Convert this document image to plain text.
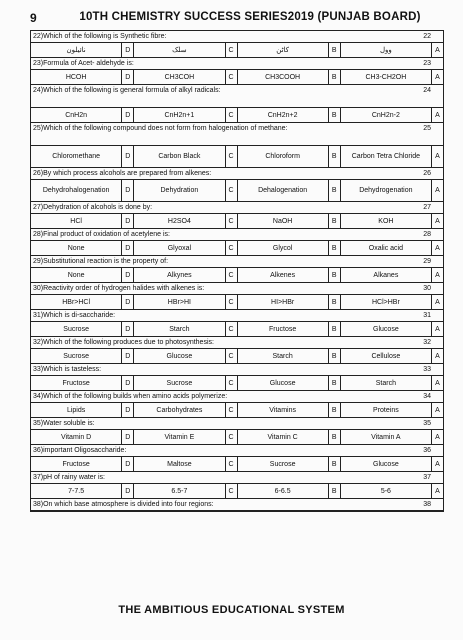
9	10TH CHEMISTRY SUCCESS SERIES2019 (PUNJAB BOARD)
22)Which of the following is Synthetic fibre:	22
نائیلون	D	سلک	C	کاٹن	B	وول	A
23)Formula of Acet- aldehyde is:	23
HCOH	D	CH3COH	C	CH3COOH	B	CH3-CH2OH	A
24)Which of the following is general formula of alkyl radicals:	24
CnH2n	D	CnH2n+1	C	CnH2n+2	B	CnH2n-2	A
25)Which of the following compound does not form from halogenation of methane:	25
Chloromethane	D	Carbon Black	C	Chloroform	B	Carbon Tetra Chloride	A
26)By which process alcohols are prepared from alkenes:	26
Dehydrohalogenation	D	Dehydration	C	Dehalogenation	B	Dehydrogenation	A
27)Dehydration of alcohols is done by:	27
HCl	D	H2SO4	C	NaOH	B	KOH	A
28)Final product of oxidation of acetylene is:	28
None	D	Glyoxal	C	Glycol	B	Oxalic acid	A
29)Substitutional reaction is the property of:	29
None	D	Alkynes	C	Alkenes	B	Alkanes	A
30)Reactivity order of hydrogen halides with alkenes is:	30
HBr>HCl	D	HBr>HI	C	HI>HBr	B	HCl>HBr	A
31)Which is di-saccharide:	31
Sucrose	D	Starch	C	Fructose	B	Glucose	A
32)Which of the following produces due to photosynthesis:	32
Sucrose	D	Glucose	C	Starch	B	Cellulose	A
33)Which is tasteless:	33
Fructose	D	Sucrose	C	Glucose	B	Starch	A
34)Which of the following builds when amino acids polymerize:	34
Lipids	D	Carbohydrates	C	Vitamins	B	Proteins	A
35)Water soluble is:	35
Vitamin D	D	Vitamin E	C	Vitamin C	B	Vitamin A	A
36)important Oligosaccharide:	36
Fructose	D	Maltose	C	Sucrose	B	Glucose	A
37)pH of rainy water is:	37
7-7.5	D	6.5-7	C	6-6.5	B	5-6	A
38)On which base atmosphere is divided into four regions:	38
THE AMBITIOUS EDUCATIONAL SYSTEM
